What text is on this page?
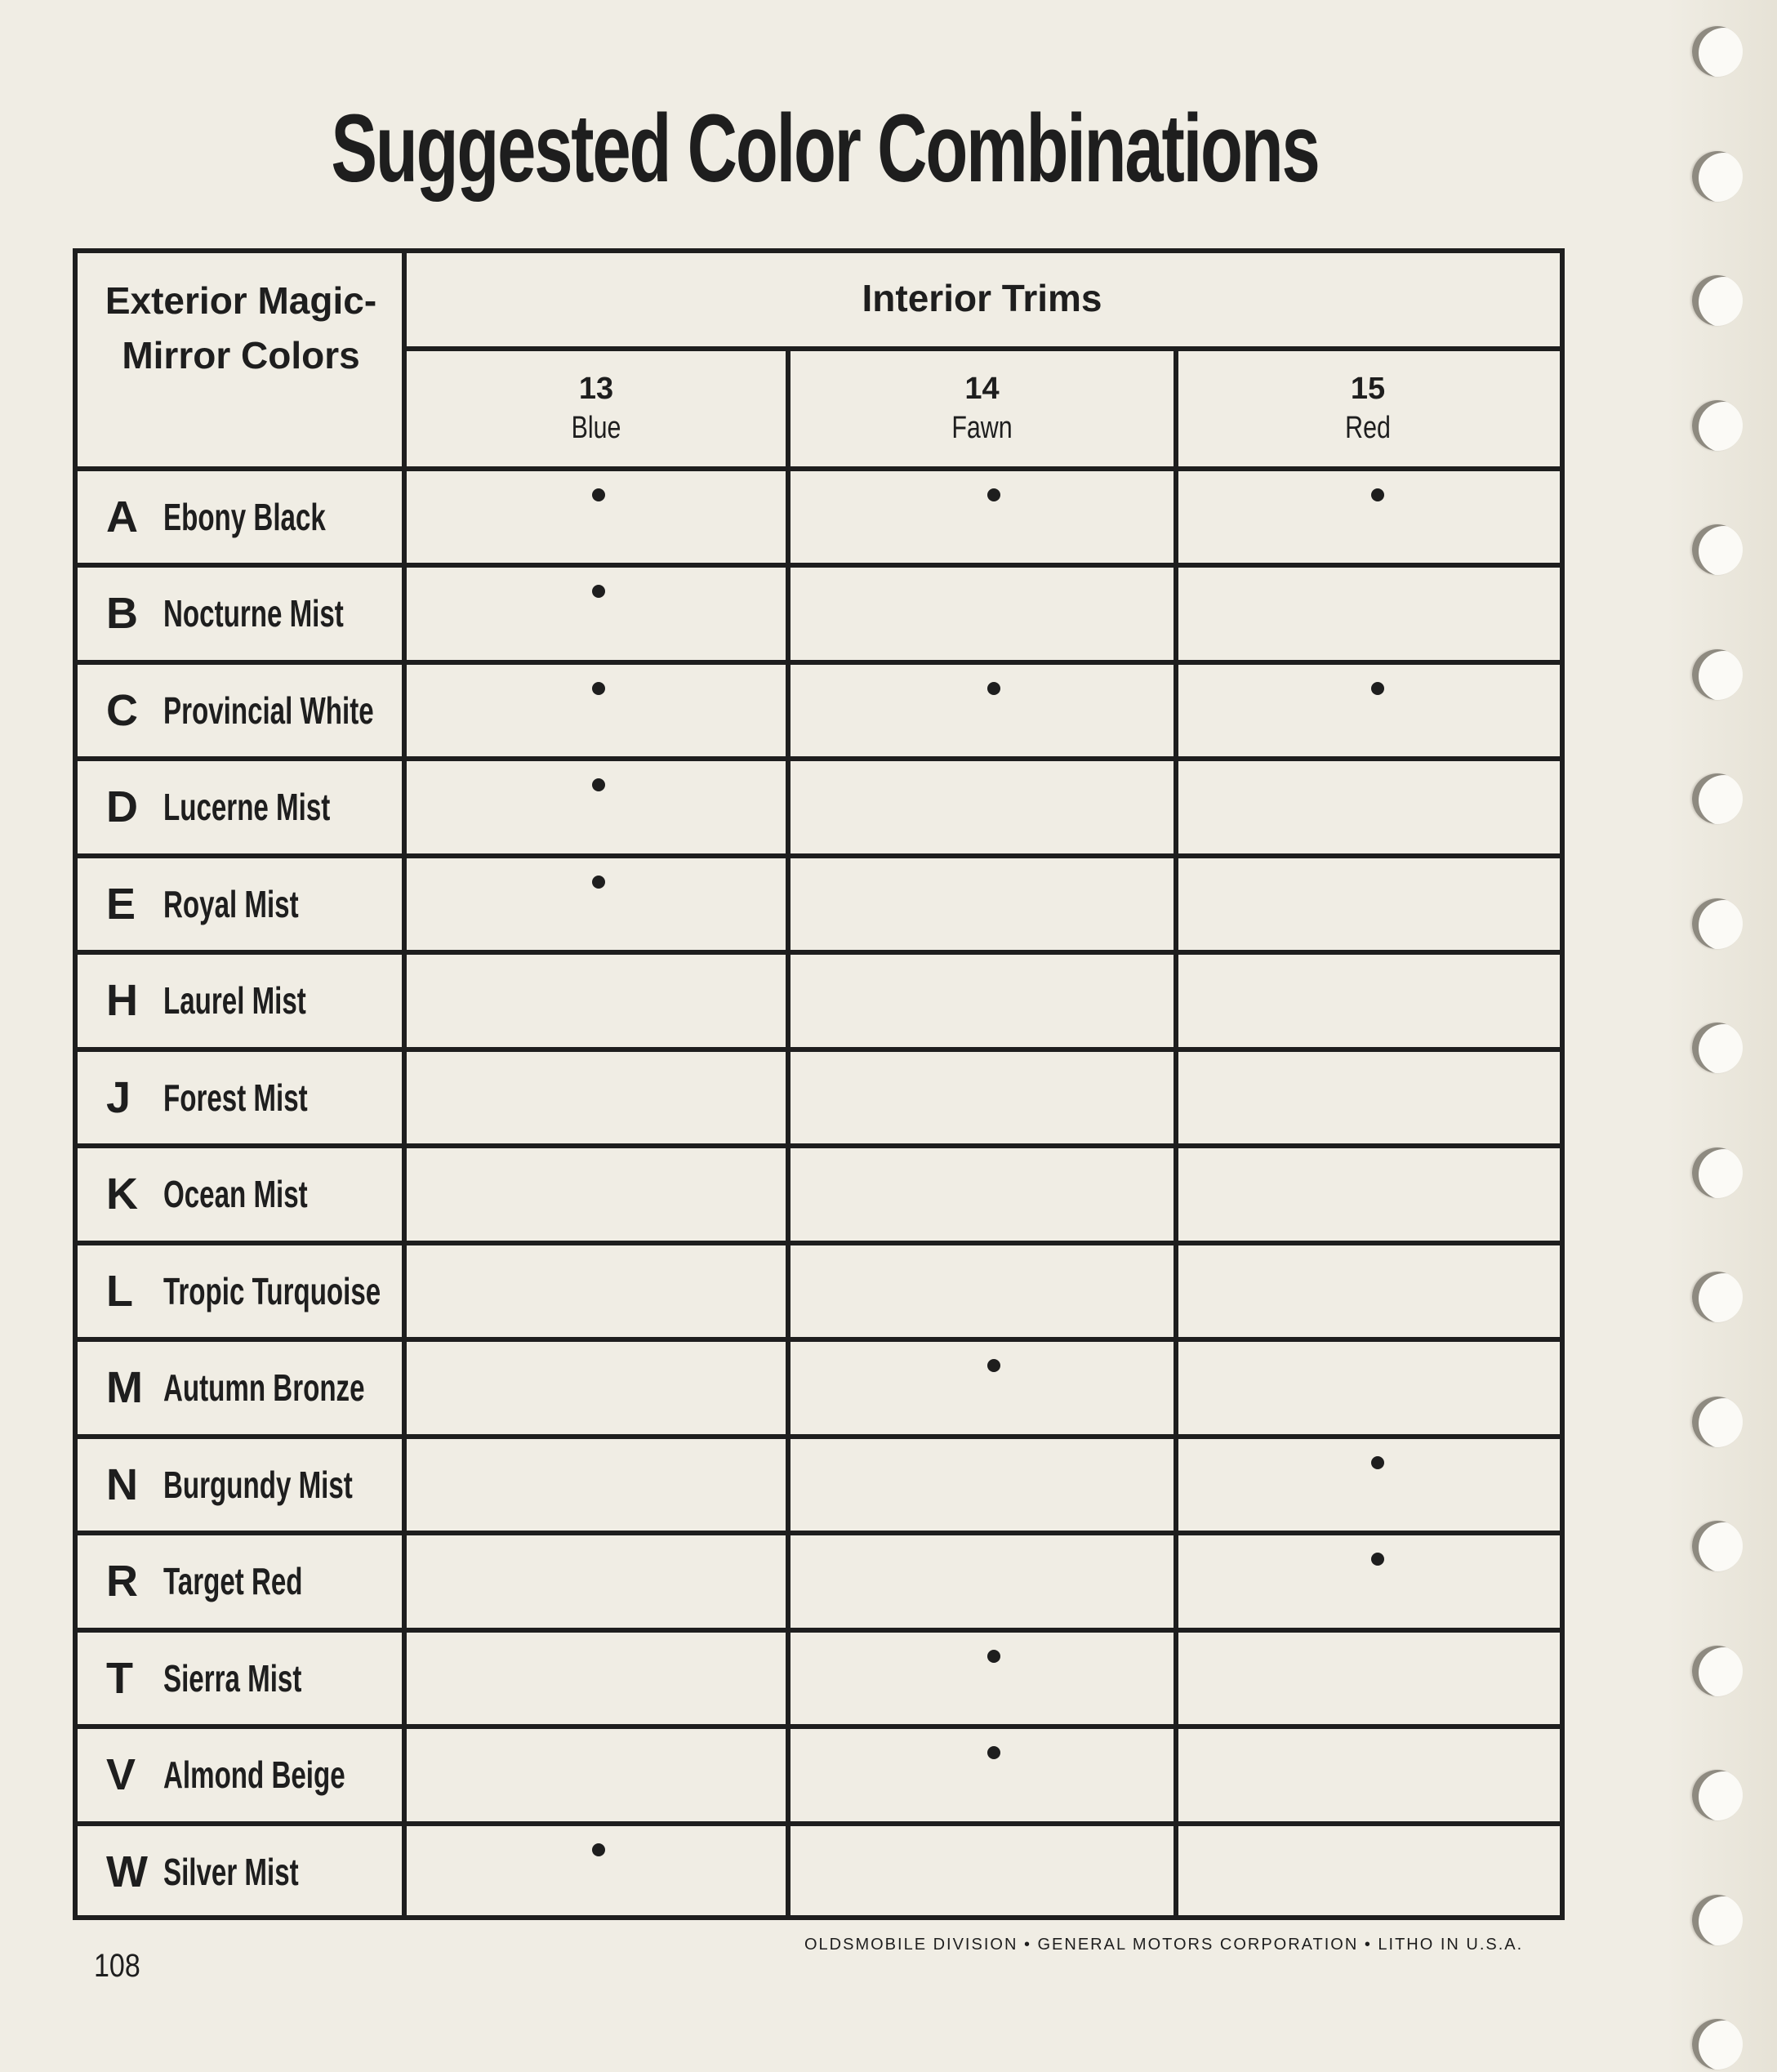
Suggested Color Combinations
Exterior Magic-Mirror Colors
Interior Trims
13
Blue
14
Fawn
15
Red
A Ebony Black
B Nocturne Mist
C Provincial White
D Lucerne Mist
E Royal Mist
H Laurel Mist
J Forest Mist
K Ocean Mist
L Tropic Turquoise
M Autumn Bronze
N Burgundy Mist
R Target Red
T Sierra Mist
V Almond Beige
W Silver Mist
108
OLDSMOBILE DIVISION • GENERAL MOTORS CORPORATION • LITHO IN U.S.A.
